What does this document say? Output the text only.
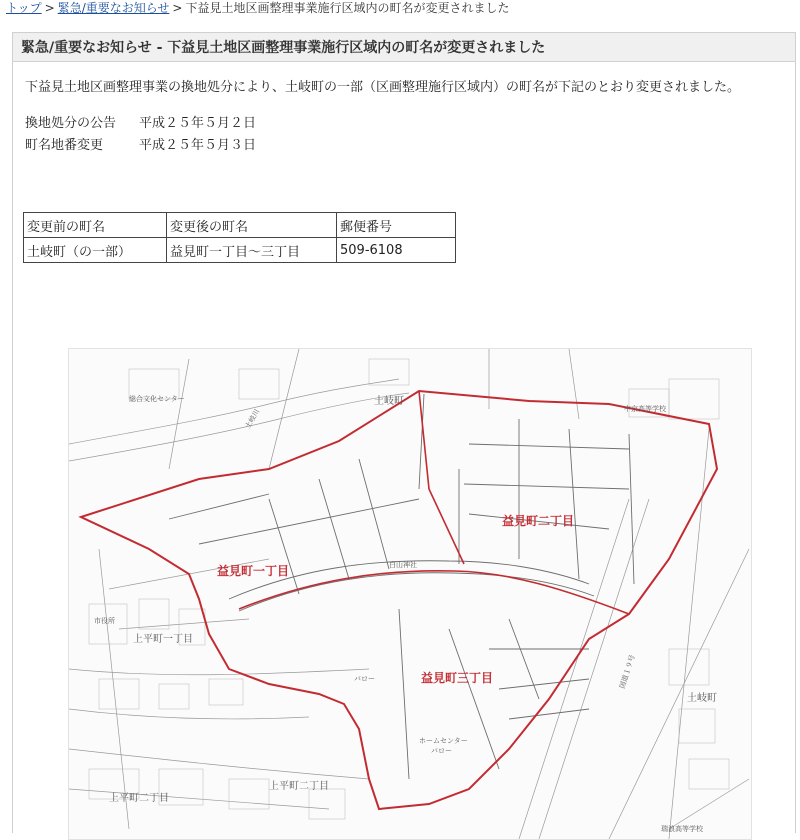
トップ > 緊急/重要なお知らせ > 下益見土地区画整理事業施行区域内の町名が変更されました
緊急/重要なお知らせ - 下益見土地区画整理事業施行区域内の町名が変更されました

下益見土地区画整理事業の換地処分により、土岐町の一部（区画整理施行区域内）の町名が下記のとおり変更されました。

換地処分の公告	平成２５年５月２日
町名地番変更	平成２５年５月３日
変更前の町名	変更後の町名	郵便番号
土岐町（の一部）	益見町一丁目～三丁目	509-6108
益見町一丁目
益見町二丁目
益見町三丁目
土岐町
土岐町
上平町一丁目
上平町二丁目
上平町二丁目
総合文化センター
中京高等学校
土岐川
市役所
白山神社
バロー
ホームセンター
バロー
国道１９号
瑞浪高等学校
